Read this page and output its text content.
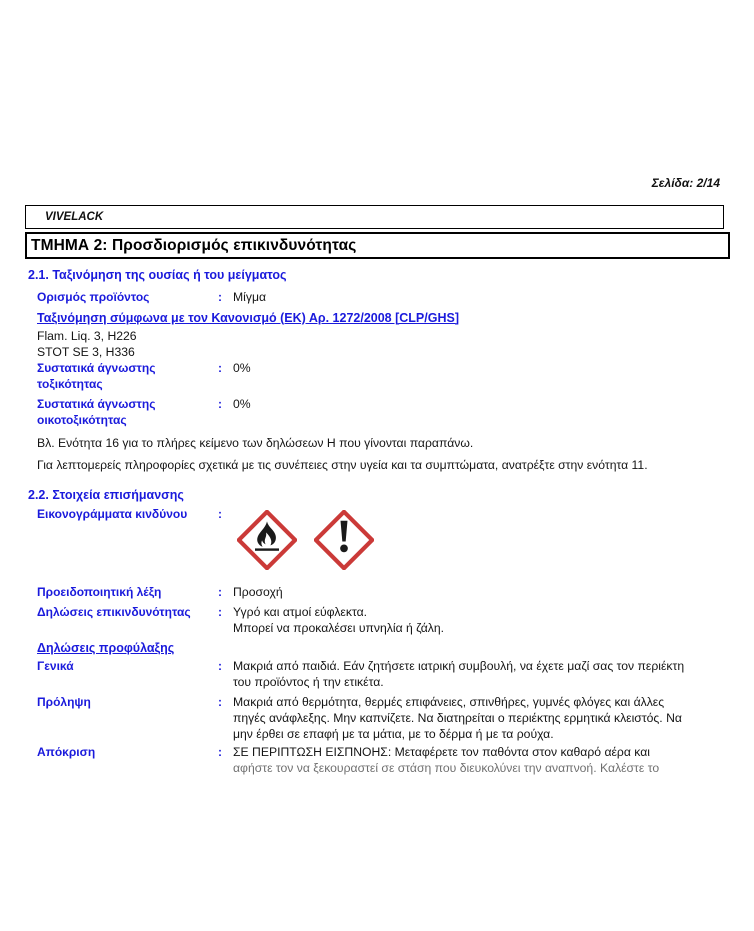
Σελίδα: 2/14
VIVELACK
ΤΜΗΜΑ 2: Προσδιορισμός επικινδυνότητας
2.1. Ταξινόμηση της ουσίας ή του μείγματος
Ορισμός προϊόντος	: Μίγμα
Ταξινόμηση σύμφωνα με τον Κανονισμό (ΕΚ) Αρ. 1272/2008 [CLP/GHS]
Flam. Liq. 3, H226
STOT SE 3, H336
Συστατικά άγνωστης τοξικότητας
: 0%
Συστατικά άγνωστης οικοτοξικότητας
: 0%
Βλ. Ενότητα 16 για το πλήρες κείμενο των δηλώσεων Η που γίνονται παραπάνω.
Για λεπτομερείς πληροφορίες σχετικά με τις συνέπειες στην υγεία και τα συμπτώματα, ανατρέξτε στην ενότητα 11.
2.2. Στοιχεία επισήμανσης
Εικονογράμματα κινδύνου	:
Προειδοποιητική λέξη	: Προσοχή
Δηλώσεις επικινδυνότητας	: Υγρό και ατμοί εύφλεκτα.
Μπορεί να προκαλέσει υπνηλία ή ζάλη.
Δηλώσεις προφύλαξης
Γενικά	: Μακριά από παιδιά. Εάν ζητήσετε ιατρική συμβουλή, να έχετε μαζί σας τον περιέκτη
του προϊόντος ή την ετικέτα.
Πρόληψη	: Μακριά από θερμότητα, θερμές επιφάνειες, σπινθήρες, γυμνές φλόγες και άλλες
πηγές ανάφλεξης. Μην καπνίζετε. Να διατηρείται ο περιέκτης ερμητικά κλειστός. Να
μην έρθει σε επαφή με τα μάτια, με το δέρμα ή με τα ρούχα.
Απόκριση	: ΣΕ ΠΕΡΙΠΤΩΣΗ ΕΙΣΠΝΟΗΣ: Μεταφέρετε τον παθόντα στον καθαρό αέρα και
αφήστε τον να ξεκουραστεί σε στάση που διευκολύνει την αναπνοή. Καλέστε το
